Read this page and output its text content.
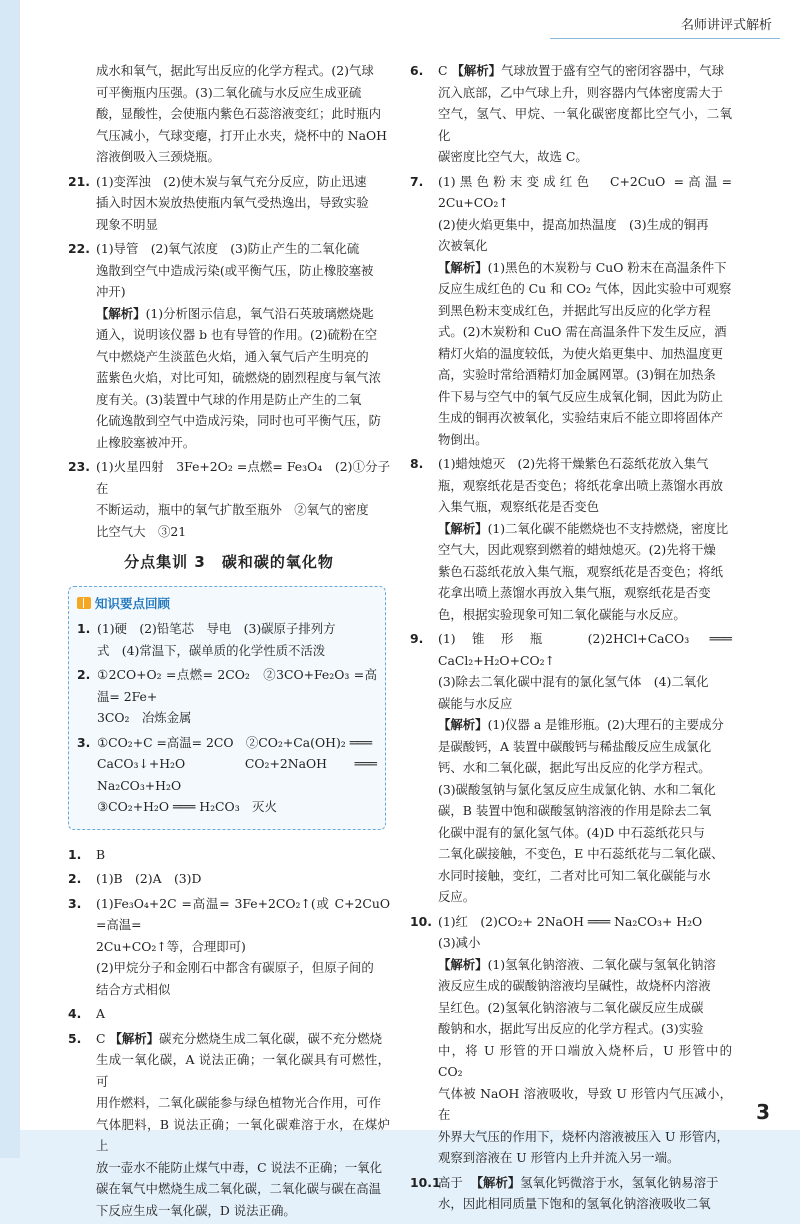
名师讲评式解析

成水和氧气，据此写出反应的化学方程式。(2)气球

可平衡瓶内压强。(3)二氧化硫与水反应生成亚硫

酸，显酸性，会使瓶内紫色石蕊溶液变红；此时瓶内

气压减小，气球变瘪，打开止水夹，烧杯中的 NaOH

溶液倒吸入三颈烧瓶。

21. (1)变浑浊　(2)使木炭与氧气充分反应，防止迅速

插入时因木炭放热使瓶内氧气受热逸出，导致实验

现象不明显

22. (1)导管　(2)氧气浓度　(3)防止产生的二氧化硫

逸散到空气中造成污染(或平衡气压，防止橡胶塞被

冲开)

【解析】(1)分析图示信息，氧气沿石英玻璃燃烧匙

通入，说明该仪器 b 也有导管的作用。(2)硫粉在空

气中燃烧产生淡蓝色火焰，通入氧气后产生明亮的

蓝紫色火焰，对比可知，硫燃烧的剧烈程度与氧气浓

度有关。(3)装置中气球的作用是防止产生的二氧

化硫逸散到空气中造成污染，同时也可平衡气压，防

止橡胶塞被冲开。

23. (1)火星四射　3Fe+2O₂ =点燃= Fe₃O₄　(2)①分子在

不断运动，瓶中的氧气扩散至瓶外　②氧气的密度

比空气大　③21

分点集训 3　碳和碳的氧化物
知识要点回顾
1. (1)硬　(2)铅笔芯　导电　(3)碳原子排列方

式　(4)常温下，碳单质的化学性质不活泼

2. ①2CO+O₂ =点燃= 2CO₂　②3CO+Fe₂O₃ =高温= 2Fe+

3CO₂　冶炼金属

3. ①CO₂+C =高温= 2CO　②CO₂+Ca(OH)₂ ═══

CaCO₃↓+H₂O　CO₂+2NaOH ═══ Na₂CO₃+H₂O

③CO₂+H₂O ═══ H₂CO₃　灭火

1. B

2. (1)B　(2)A　(3)D

3. (1)Fe₃O₄+2C =高温= 3Fe+2CO₂↑(或 C+2CuO =高温=

2Cu+CO₂↑等，合理即可)

(2)甲烷分子和金刚石中都含有碳原子，但原子间的

结合方式相似

4. A

5. C 【解析】碳充分燃烧生成二氧化碳，碳不充分燃烧

生成一氧化碳，A 说法正确；一氧化碳具有可燃性，可

用作燃料，二氧化碳能参与绿色植物光合作用，可作

气体肥料，B 说法正确；一氧化碳难溶于水，在煤炉上

放一壶水不能防止煤气中毒，C 说法不正确；一氧化

碳在氧气中燃烧生成二氧化碳，二氧化碳与碳在高温

下反应生成一氧化碳，D 说法正确。

6. C 【解析】气球放置于盛有空气的密闭容器中，气球

沉入底部，乙中气球上升，则容器内气体密度需大于

空气，氢气、甲烷、一氧化碳密度都比空气小，二氧化

碳密度比空气大，故选 C。

7. (1)黑色粉末变成红色　C+2CuO =高温= 2Cu+CO₂↑

(2)使火焰更集中，提高加热温度　(3)生成的铜再

次被氧化

【解析】(1)黑色的木炭粉与 CuO 粉末在高温条件下

反应生成红色的 Cu 和 CO₂ 气体，因此实验中可观察

到黑色粉末变成红色，并据此写出反应的化学方程

式。(2)木炭粉和 CuO 需在高温条件下发生反应，酒

精灯火焰的温度较低，为使火焰更集中、加热温度更

高，实验时常给酒精灯加金属网罩。(3)铜在加热条

件下易与空气中的氧气反应生成氧化铜，因此为防止

生成的铜再次被氧化，实验结束后不能立即将固体产

物倒出。

8. (1)蜡烛熄灭　(2)先将干燥紫色石蕊纸花放入集气

瓶，观察纸花是否变色；将纸花拿出喷上蒸馏水再放

入集气瓶，观察纸花是否变色

【解析】(1)二氧化碳不能燃烧也不支持燃烧，密度比

空气大，因此观察到燃着的蜡烛熄灭。(2)先将干燥

紫色石蕊纸花放入集气瓶，观察纸花是否变色；将纸

花拿出喷上蒸馏水再放入集气瓶，观察纸花是否变

色，根据实验现象可知二氧化碳能与水反应。

9. (1)锥形瓶　(2)2HCl+CaCO₃ ═══ CaCl₂+H₂O+CO₂↑

(3)除去二氧化碳中混有的氯化氢气体　(4)二氧化

碳能与水反应

【解析】(1)仪器 a 是锥形瓶。(2)大理石的主要成分

是碳酸钙，A 装置中碳酸钙与稀盐酸反应生成氯化

钙、水和二氧化碳，据此写出反应的化学方程式。

(3)碳酸氢钠与氯化氢反应生成氯化钠、水和二氧化

碳，B 装置中饱和碳酸氢钠溶液的作用是除去二氧

化碳中混有的氯化氢气体。(4)D 中石蕊纸花只与

二氧化碳接触，不变色，E 中石蕊纸花与二氧化碳、

水同时接触，变红，二者对比可知二氧化碳能与水

反应。

10. (1)红　(2)CO₂+ 2NaOH ═══ Na₂CO₃+ H₂O

(3)减小

【解析】(1)氢氧化钠溶液、二氧化碳与氢氧化钠溶

液反应生成的碳酸钠溶液均呈碱性，故烧杯内溶液

呈红色。(2)氢氧化钠溶液与二氧化碳反应生成碳

酸钠和水，据此写出反应的化学方程式。(3)实验

中，将 U 形管的开口端放入烧杯后，U 形管中的 CO₂

气体被 NaOH 溶液吸收，导致 U 形管内气压减小，在

外界大气压的作用下，烧杯内溶液被压入 U 形管内，

观察到溶液在 U 形管内上升并流入另一端。

10.1

高于 【解析】氢氧化钙微溶于水，氢氧化钠易溶于

水，因此相同质量下饱和的氢氧化钠溶液吸收二氧

3
